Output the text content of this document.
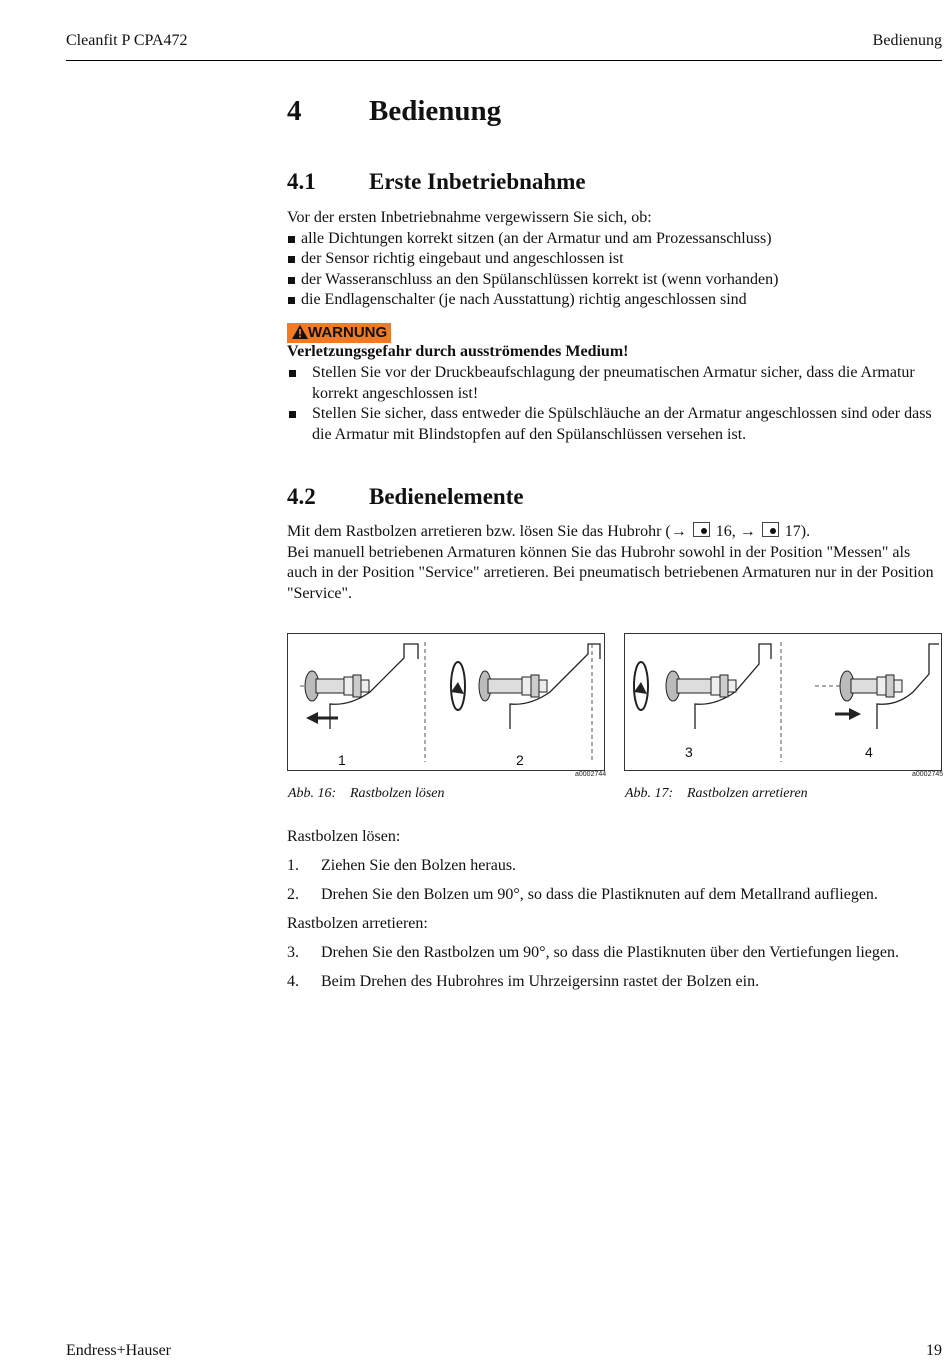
Cleanfit P CPA472	Bedienung
4 Bedienung
4.1 Erste Inbetriebnahme
Vor der ersten Inbetriebnahme vergewissern Sie sich, ob:
alle Dichtungen korrekt sitzen (an der Armatur und am Prozessanschluss)
der Sensor richtig eingebaut und angeschlossen ist
der Wasseranschluss an den Spülanschlüssen korrekt ist (wenn vorhanden)
die Endlagenschalter (je nach Ausstattung) richtig angeschlossen sind
WARNUNG
Verletzungsgefahr durch ausströmendes Medium!
Stellen Sie vor der Druckbeaufschlagung der pneumatischen Armatur sicher, dass die Armatur korrekt angeschlossen ist!
Stellen Sie sicher, dass entweder die Spülschläuche an der Armatur angeschlossen sind oder dass die Armatur mit Blindstopfen auf den Spülanschlüssen versehen ist.
4.2 Bedienelemente
Mit dem Rastbolzen arretieren bzw. lösen Sie das Hubrohr (→  16, →  17).
Bei manuell betriebenen Armaturen können Sie das Hubrohr sowohl in der Position "Messen" als auch in der Position "Service" arretieren. Bei pneumatisch betriebenen Armaturen nur in der Position "Service".
1	2
a0002744
Abb. 16: Rastbolzen lösen
3	4
a0002745
Abb. 17: Rastbolzen arretieren
Rastbolzen lösen:
1. Ziehen Sie den Bolzen heraus.
2. Drehen Sie den Bolzen um 90°, so dass die Plastiknuten auf dem Metallrand aufliegen.
Rastbolzen arretieren:
3. Drehen Sie den Rastbolzen um 90°, so dass die Plastiknuten über den Vertiefungen liegen.
4. Beim Drehen des Hubrohres im Uhrzeigersinn rastet der Bolzen ein.
Endress+Hauser	19
